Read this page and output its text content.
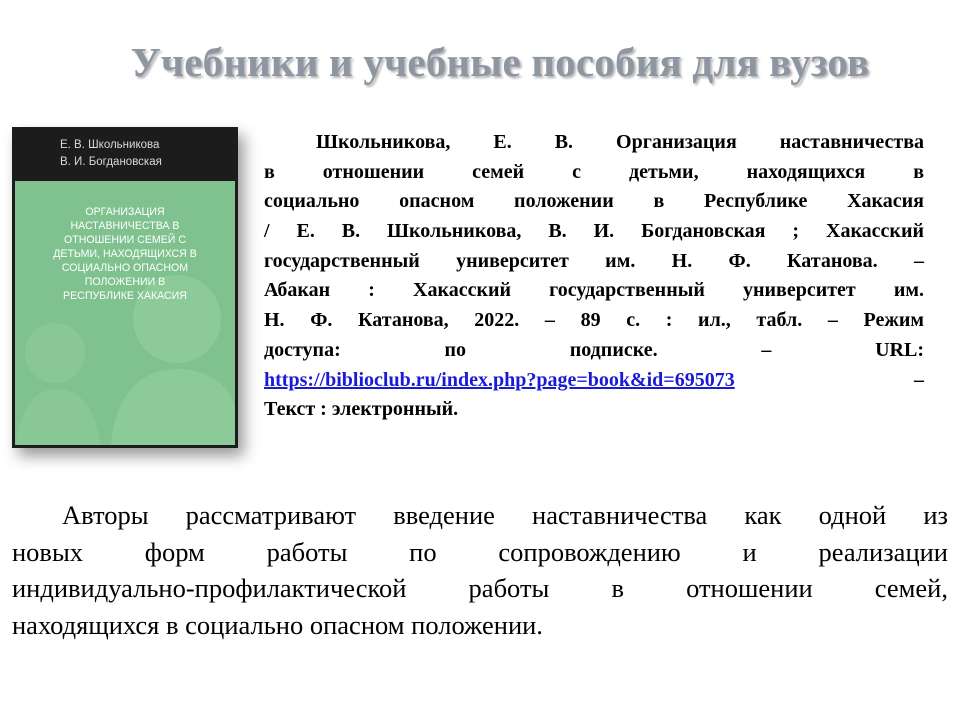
Учебники и учебные пособия для вузов
Е. В. Школьникова
В. И. Богдановская
ОРГАНИЗАЦИЯ
НАСТАВНИЧЕСТВА В
ОТНОШЕНИИ СЕМЕЙ С
ДЕТЬМИ, НАХОДЯЩИХСЯ В
СОЦИАЛЬНО ОПАСНОМ
ПОЛОЖЕНИИ В
РЕСПУБЛИКЕ ХАКАСИЯ
Школьникова, Е. В. Организация наставничества
в отношении семей с детьми, находящихся в
социально опасном положении в Республике Хакасия
/ Е. В. Школьникова, В. И. Богдановская ; Хакасский
государственный университет им. Н. Ф. Катанова. –
Абакан : Хакасский государственный университет им.
Н. Ф. Катанова, 2022. – 89 с. : ил., табл. – Режим
доступа: по подписке. – URL:
https://biblioclub.ru/index.php?page=book&id=695073	–
Текст : электронный.
Авторы рассматривают введение наставничества как одной из
новых форм работы по сопровождению и реализации
индивидуально-профилактической работы в отношении семей,
находящихся в социально опасном положении.
